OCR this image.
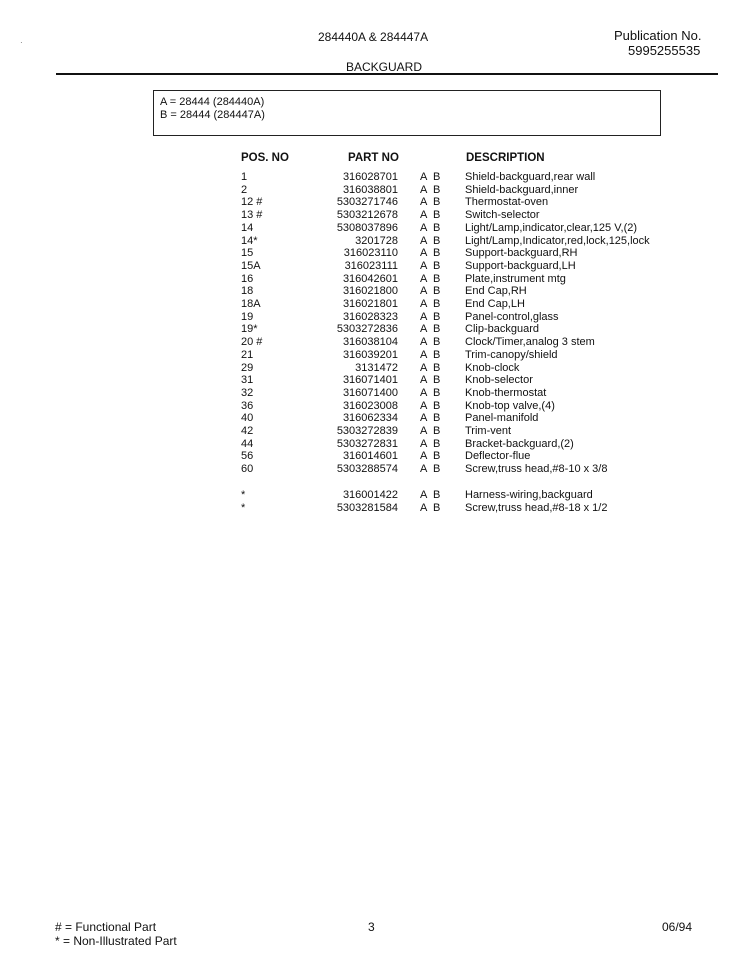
·	284440A & 284447A	Publication No.
5995255535
BACKGUARD
A = 28444 (284440A)
B = 28444 (284447A)
POS. NO	PART NO	DESCRIPTION
1	316028701 A B Shield-backguard,rear wall
2	316038801 A B Shield-backguard,inner
12 #	5303271746 A B Thermostat-oven
13 #	5303212678 A B Switch-selector
14	5308037896 A B Light/Lamp,indicator,clear,125 V,(2)
14*	3201728 A B Light/Lamp,Indicator,red,lock,125,lock
15	316023110 A B Support-backguard,RH
15A	316023111 A B Support-backguard,LH
16	316042601 A B Plate,instrument mtg
18	316021800 A B End Cap,RH
18A	316021801 A B End Cap,LH
19	316028323 A B Panel-control,glass
19*	5303272836 A B Clip-backguard
20 #	316038104 A B Clock/Timer,analog 3 stem
21	316039201 A B Trim-canopy/shield
29	3131472 A B Knob-clock
31	316071401 A B Knob-selector
32	316071400 A B Knob-thermostat
36	316023008 A B Knob-top valve,(4)
40	316062334 A B Panel-manifold
42	5303272839 A B Trim-vent
44	5303272831 A B Bracket-backguard,(2)
56	316014601 A B Deflector-flue
60	5303288574 A B Screw,truss head,#8-10 x 3/8
*	316001422 A B Harness-wiring,backguard
*	5303281584 A B Screw,truss head,#8-18 x 1/2
# = Functional Part
* = Non-Illustrated Part
3	06/94
